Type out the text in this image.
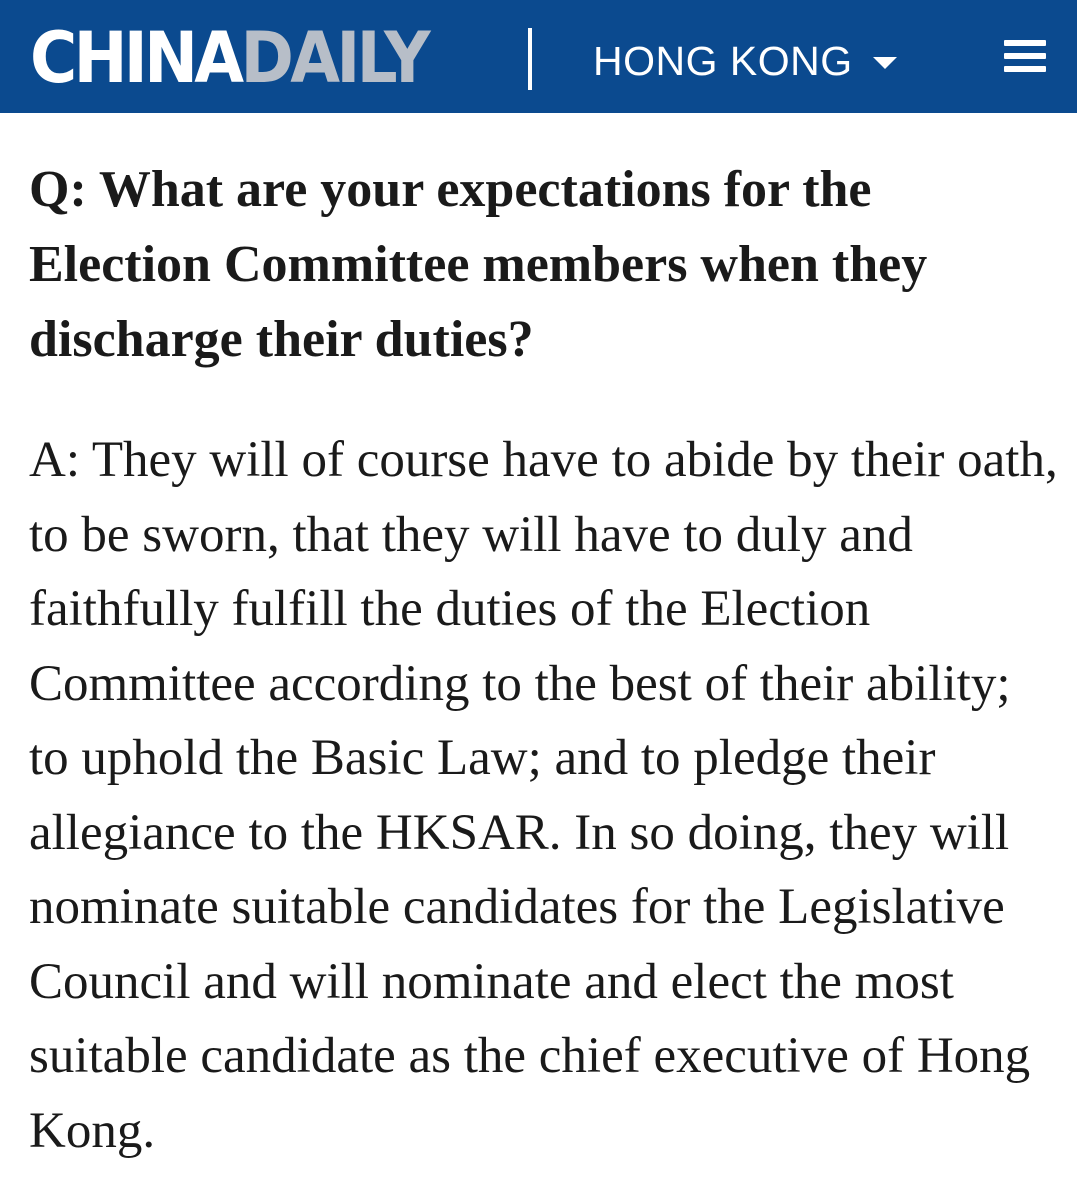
CHINADAILY	HONG KONG

Q: What are your expectations for the Election Committee members when they discharge their duties?

A: They will of course have to abide by their oath, to be sworn, that they will have to duly and faithfully fulfill the duties of the Election Committee according to the best of their ability; to uphold the Basic Law; and to pledge their allegiance to the HKSAR. In so doing, they will nominate suitable candidates for the Legislative Council and will nominate and elect the most suitable candidate as the chief executive of Hong Kong.
